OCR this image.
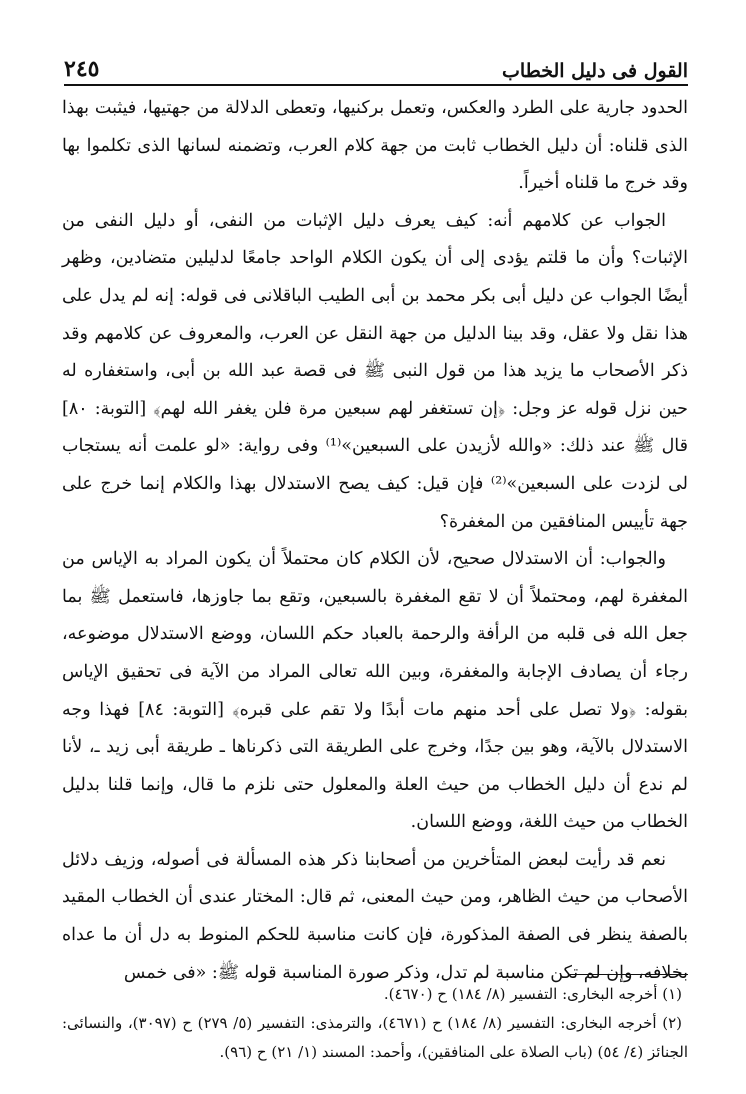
القول فى دليل الخطاب
٢٤٥

الحدود جارية على الطرد والعكس، وتعمل بركنيها، وتعطى الدلالة من جهتيها، فيثبت بهذا الذى قلناه: أن دليل الخطاب ثابت من جهة كلام العرب، وتضمنه لسانها الذى تكلموا بها وقد خرج ما قلناه أخيراً.

الجواب عن كلامهم أنه: كيف يعرف دليل الإثبات من النفى، أو دليل النفى من الإثبات؟ وأن ما قلتم يؤدى إلى أن يكون الكلام الواحد جامعًا لدليلين متضادين، وظهر أيضًا الجواب عن دليل أبى بكر محمد بن أبى الطيب الباقلانى فى قوله: إنه لم يدل على هذا نقل ولا عقل، وقد بينا الدليل من جهة النقل عن العرب، والمعروف عن كلامهم وقد ذكر الأصحاب ما يزيد هذا من قول النبى ﷺ فى قصة عبد الله بن أبى، واستغفاره له حين نزل قوله عز وجل: ﴿إن تستغفر لهم سبعين مرة فلن يغفر الله لهم﴾ [التوبة: ٨٠] قال ﷺ عند ذلك: «والله لأزيدن على السبعين»⁽¹⁾ وفى رواية: «لو علمت أنه يستجاب لى لزدت على السبعين»⁽²⁾ فإن قيل: كيف يصح الاستدلال بهذا والكلام إنما خرج على جهة تأييس المنافقين من المغفرة؟

والجواب: أن الاستدلال صحيح، لأن الكلام كان محتملاً أن يكون المراد به الإياس من المغفرة لهم، ومحتملاً أن لا تقع المغفرة بالسبعين، وتقع بما جاوزها، فاستعمل ﷺ بما جعل الله فى قلبه من الرأفة والرحمة بالعباد حكم اللسان، ووضع الاستدلال موضوعه، رجاء أن يصادف الإجابة والمغفرة، وبين الله تعالى المراد من الآية فى تحقيق الإياس بقوله: ﴿ولا تصل على أحد منهم مات أبدًا ولا تقم على قبره﴾ [التوبة: ٨٤] فهذا وجه الاستدلال بالآية، وهو بين جدًا، وخرج على الطريقة التى ذكرناها ـ طريقة أبى زيد ـ، لأنا لم ندع أن دليل الخطاب من حيث العلة والمعلول حتى نلزم ما قال، وإنما قلنا بدليل الخطاب من حيث اللغة، ووضع اللسان.

نعم قد رأيت لبعض المتأخرين من أصحابنا ذكر هذه المسألة فى أصوله، وزيف دلائل الأصحاب من حيث الظاهر، ومن حيث المعنى، ثم قال: المختار عندى أن الخطاب المقيد بالصفة ينظر فى الصفة المذكورة، فإن كانت مناسبة للحكم المنوط به دل أن ما عداه بخلافه، وإن لم تكن مناسبة لم تدل، وذكر صورة المناسبة قوله ﷺ: «فى خمس

(١) أخرجه البخارى: التفسير (٨/ ١٨٤) ح (٤٦٧٠).

(٢) أخرجه البخارى: التفسير (٨/ ١٨٤) ح (٤٦٧١)، والترمذى: التفسير (٥/ ٢٧٩) ح (٣٠٩٧)، والنسائى: الجنائز (٤/ ٥٤) (باب الصلاة على المنافقين)، وأحمد: المسند (١/ ٢١) ح (٩٦).
